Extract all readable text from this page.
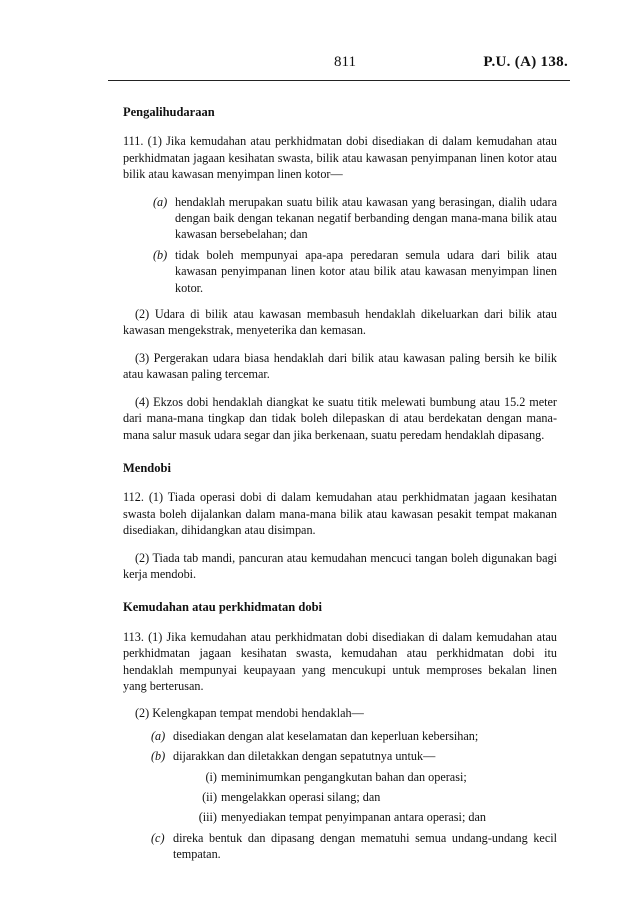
811	P.U. (A) 138.
Pengalihudaraan
111. (1) Jika kemudahan atau perkhidmatan dobi disediakan di dalam kemudahan atau perkhidmatan jagaan kesihatan swasta, bilik atau kawasan penyimpanan linen kotor atau bilik atau kawasan menyimpan linen kotor—
(a) hendaklah merupakan suatu bilik atau kawasan yang berasingan, dialih udara dengan baik dengan tekanan negatif berbanding dengan mana-mana bilik atau kawasan bersebelahan; dan
(b) tidak boleh mempunyai apa-apa peredaran semula udara dari bilik atau kawasan penyimpanan linen kotor atau bilik atau kawasan menyimpan linen kotor.
(2) Udara di bilik atau kawasan membasuh hendaklah dikeluarkan dari bilik atau kawasan mengekstrak, menyeterika dan kemasan.
(3) Pergerakan udara biasa hendaklah dari bilik atau kawasan paling bersih ke bilik atau kawasan paling tercemar.
(4) Ekzos dobi hendaklah diangkat ke suatu titik melewati bumbung atau 15.2 meter dari mana-mana tingkap dan tidak boleh dilepaskan di atau berdekatan dengan mana-mana salur masuk udara segar dan jika berkenaan, suatu peredam hendaklah dipasang.
Mendobi
112. (1) Tiada operasi dobi di dalam kemudahan atau perkhidmatan jagaan kesihatan swasta boleh dijalankan dalam mana-mana bilik atau kawasan pesakit tempat makanan disediakan, dihidangkan atau disimpan.
(2) Tiada tab mandi, pancuran atau kemudahan mencuci tangan boleh digunakan bagi kerja mendobi.
Kemudahan atau perkhidmatan dobi
113. (1) Jika kemudahan atau perkhidmatan dobi disediakan di dalam kemudahan atau perkhidmatan jagaan kesihatan swasta, kemudahan atau perkhidmatan dobi itu hendaklah mempunyai keupayaan yang mencukupi untuk memproses bekalan linen yang berterusan.
(2) Kelengkapan tempat mendobi hendaklah—
(a) disediakan dengan alat keselamatan dan keperluan kebersihan;
(b) dijarakkan dan diletakkan dengan sepatutnya untuk—
(i) meminimumkan pengangkutan bahan dan operasi;
(ii) mengelakkan operasi silang; dan
(iii) menyediakan tempat penyimpanan antara operasi; dan
(c) direka bentuk dan dipasang dengan mematuhi semua undang-undang kecil tempatan.
